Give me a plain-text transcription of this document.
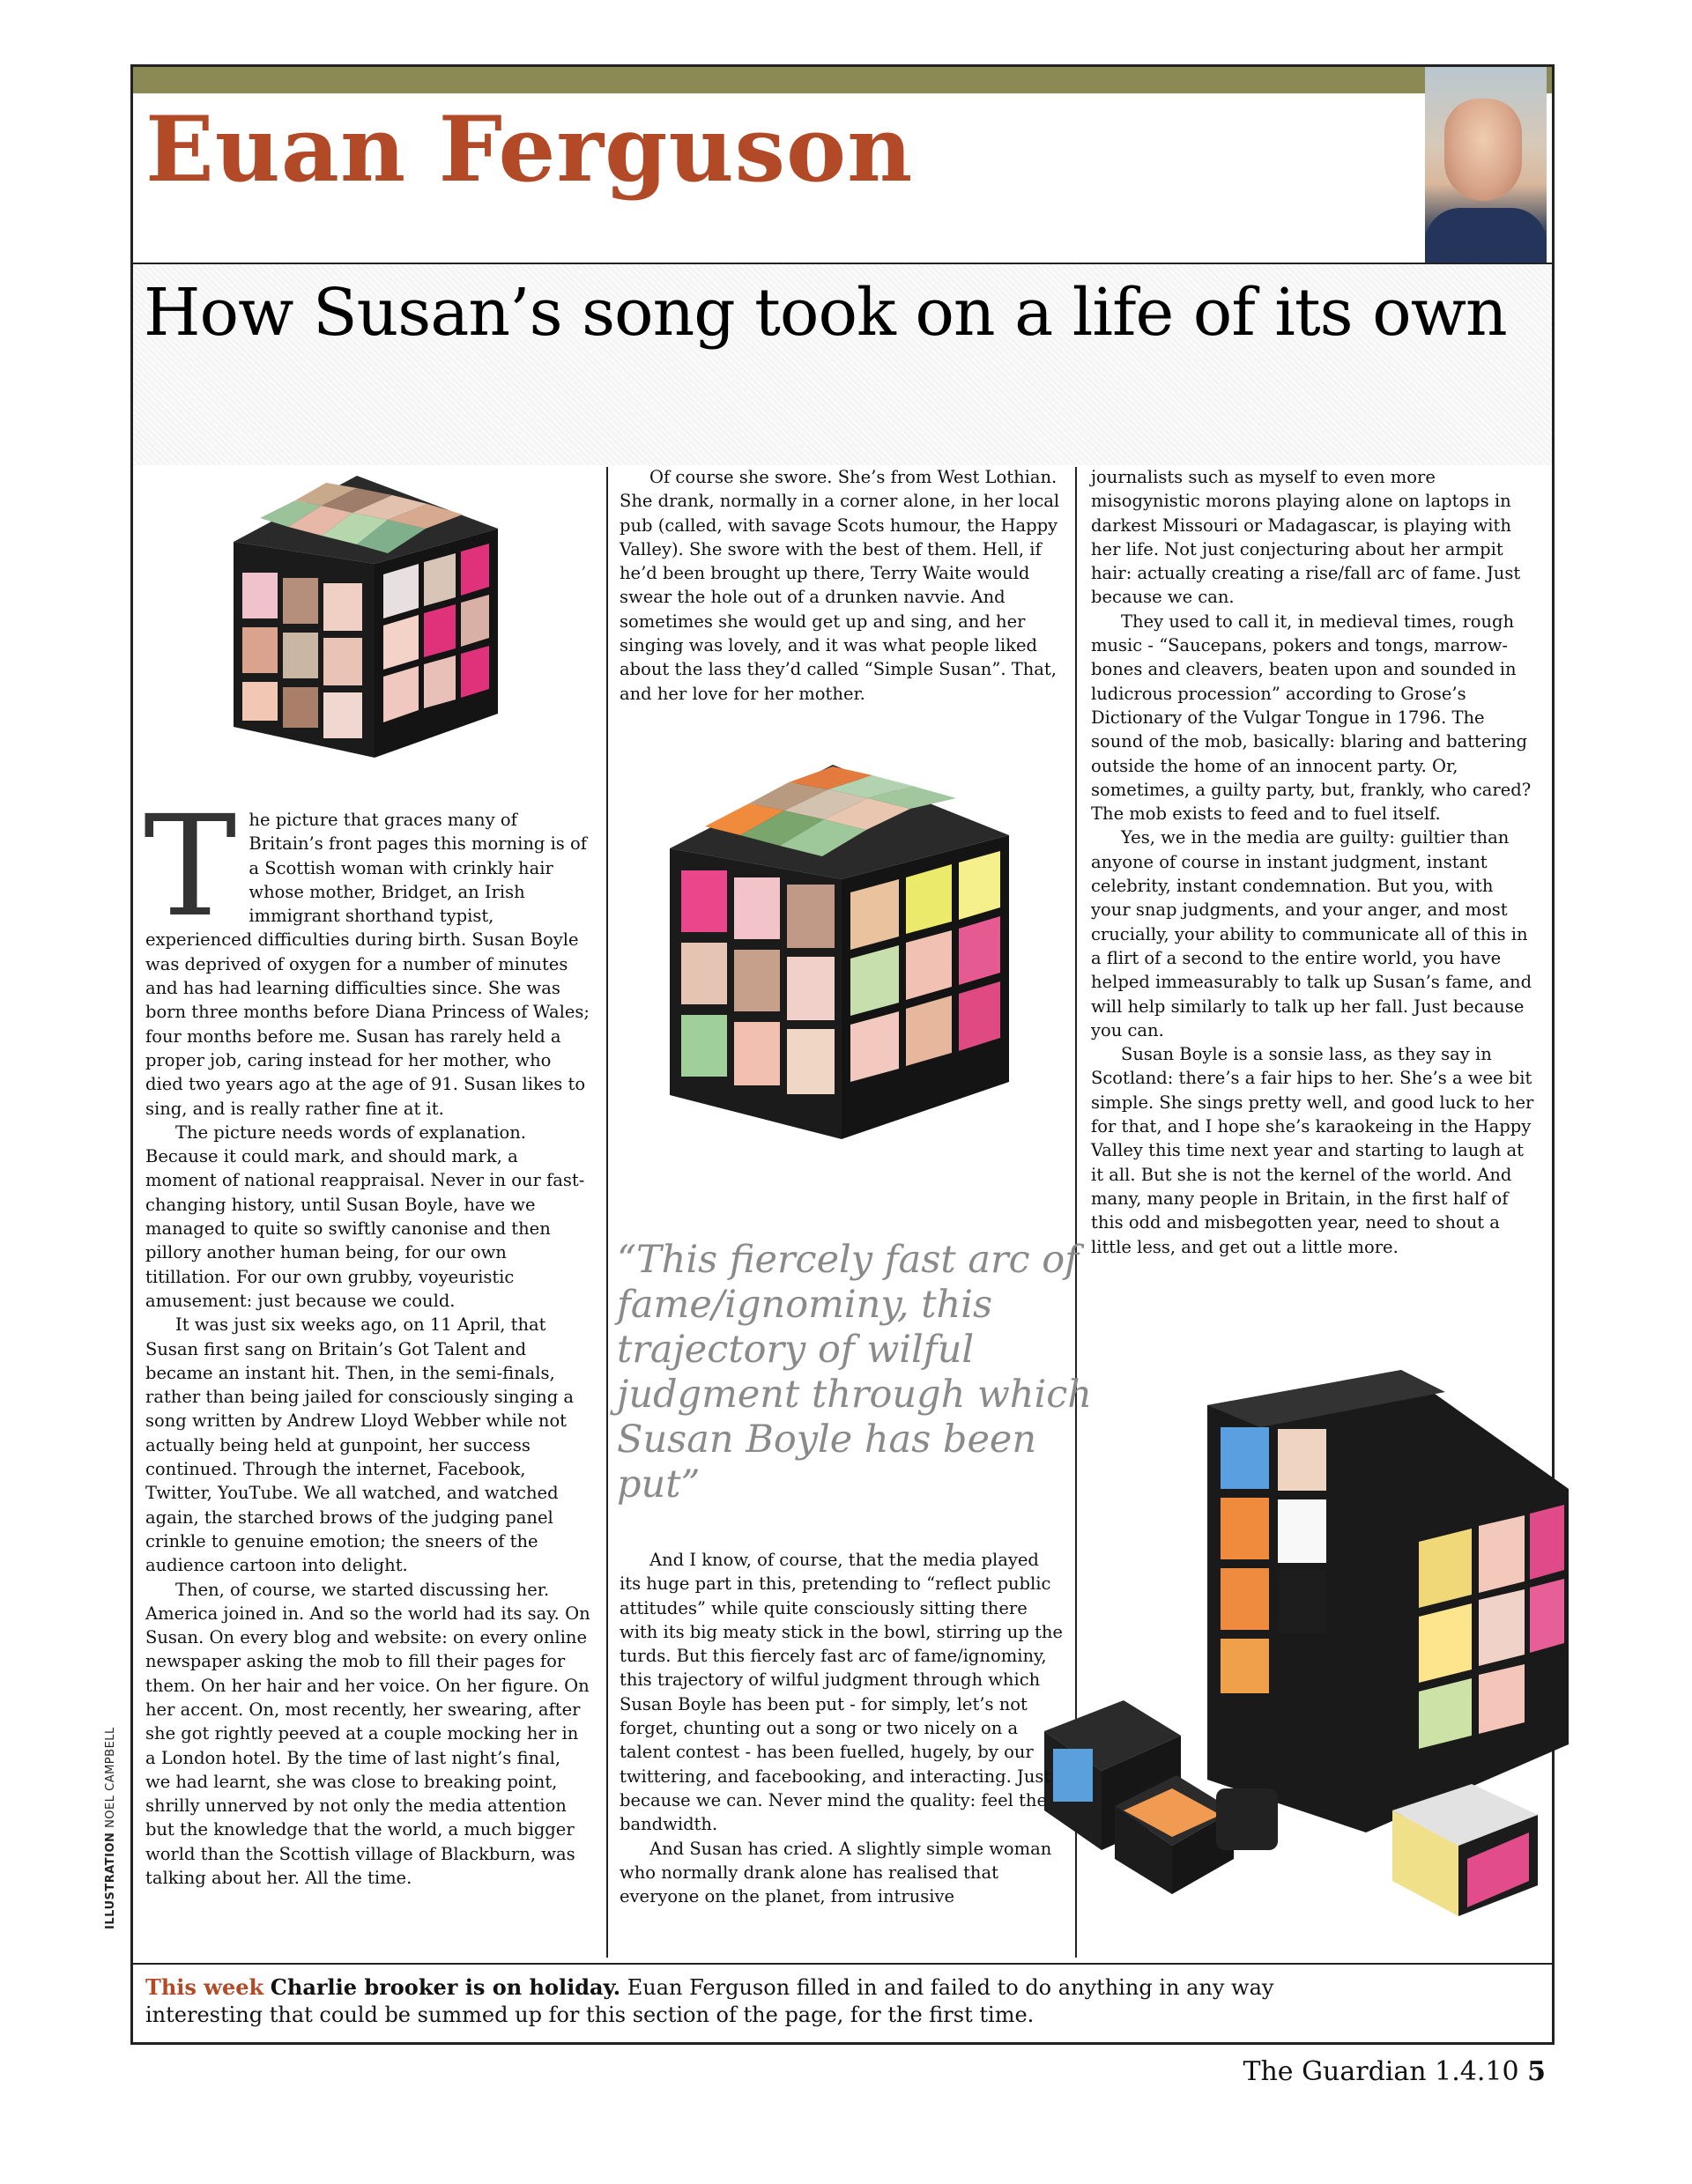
Euan Ferguson
How Susan’s song took on a life of its own
T he picture that graces many of Britain’s front pages this morning is of a Scottish woman with crinkly hair whose mother, Bridget, an Irish immigrant shorthand typist, experienced difficulties during birth. Susan Boyle was deprived of oxygen for a number of minutes and has had learning difficulties since. She was born three months before Diana Princess of Wales; four months before me. Susan has rarely held a proper job, caring instead for her mother, who died two years ago at the age of 91. Susan likes to sing, and is really rather fine at it.

The picture needs words of explanation. Because it could mark, and should mark, a moment of national reappraisal. Never in our fast-changing history, until Susan Boyle, have we managed to quite so swiftly canonise and then pillory another human being, for our own titillation. For our own grubby, voyeuristic amusement: just because we could.

It was just six weeks ago, on 11 April, that Susan first sang on Britain’s Got Talent and became an instant hit. Then, in the semi-finals, rather than being jailed for consciously singing a song written by Andrew Lloyd Webber while not actually being held at gunpoint, her success continued. Through the internet, Facebook, Twitter, YouTube. We all watched, and watched again, the starched brows of the judging panel crinkle to genuine emotion; the sneers of the audience cartoon into delight.

Then, of course, we started discussing her. America joined in. And so the world had its say. On Susan. On every blog and website: on every online newspaper asking the mob to fill their pages for them. On her hair and her voice. On her figure. On her accent. On, most recently, her swearing, after she got rightly peeved at a couple mocking her in a London hotel. By the time of last night’s final, we had learnt, she was close to breaking point, shrilly unnerved by not only the media attention but the knowledge that the world, a much bigger world than the Scottish village of Blackburn, was talking about her. All the time.

Of course she swore. She’s from West Lothian. She drank, normally in a corner alone, in her local pub (called, with savage Scots humour, the Happy Valley). She swore with the best of them. Hell, if he’d been brought up there, Terry Waite would swear the hole out of a drunken navvie. And sometimes she would get up and sing, and her singing was lovely, and it was what people liked about the lass they’d called “Simple Susan”. That, and her love for her mother.

“This fiercely fast arc of fame/ignominy, this trajectory of wilful judgment through which Susan Boyle has been put”

And I know, of course, that the media played its huge part in this, pretending to “reflect public attitudes” while quite consciously sitting there with its big meaty stick in the bowl, stirring up the turds. But this fiercely fast arc of fame/ignominy, this trajectory of wilful judgment through which Susan Boyle has been put - for simply, let’s not forget, chunting out a song or two nicely on a talent contest - has been fuelled, hugely, by our twittering, and facebooking, and interacting. Just because we can. Never mind the quality: feel the bandwidth.

And Susan has cried. A slightly simple woman who normally drank alone has realised that everyone on the planet, from intrusive

journalists such as myself to even more misogynistic morons playing alone on laptops in darkest Missouri or Madagascar, is playing with her life. Not just conjecturing about her armpit hair: actually creating a rise/fall arc of fame. Just because we can.

They used to call it, in medieval times, rough music - “Saucepans, pokers and tongs, marrow-bones and cleavers, beaten upon and sounded in ludicrous procession” according to Grose’s Dictionary of the Vulgar Tongue in 1796. The sound of the mob, basically: blaring and battering outside the home of an innocent party. Or, sometimes, a guilty party, but, frankly, who cared? The mob exists to feed and to fuel itself.

Yes, we in the media are guilty: guiltier than anyone of course in instant judgment, instant celebrity, instant condemnation. But you, with your snap judgments, and your anger, and most crucially, your ability to communicate all of this in a flirt of a second to the entire world, you have helped immeasurably to talk up Susan’s fame, and will help similarly to talk up her fall. Just because you can.

Susan Boyle is a sonsie lass, as they say in Scotland: there’s a fair hips to her. She’s a wee bit simple. She sings pretty well, and good luck to her for that, and I hope she’s karaokeing in the Happy Valley this time next year and starting to laugh at it all. But she is not the kernel of the world. And many, many people in Britain, in the first half of this odd and misbegotten year, need to shout a little less, and get out a little more.

This week Charlie brooker is on holiday. Euan Ferguson filled in and failed to do anything in any way interesting that could be summed up for this section of the page, for the first time.
ILLUSTRATION NOEL CAMPBELL
The Guardian 1.4.10 5
